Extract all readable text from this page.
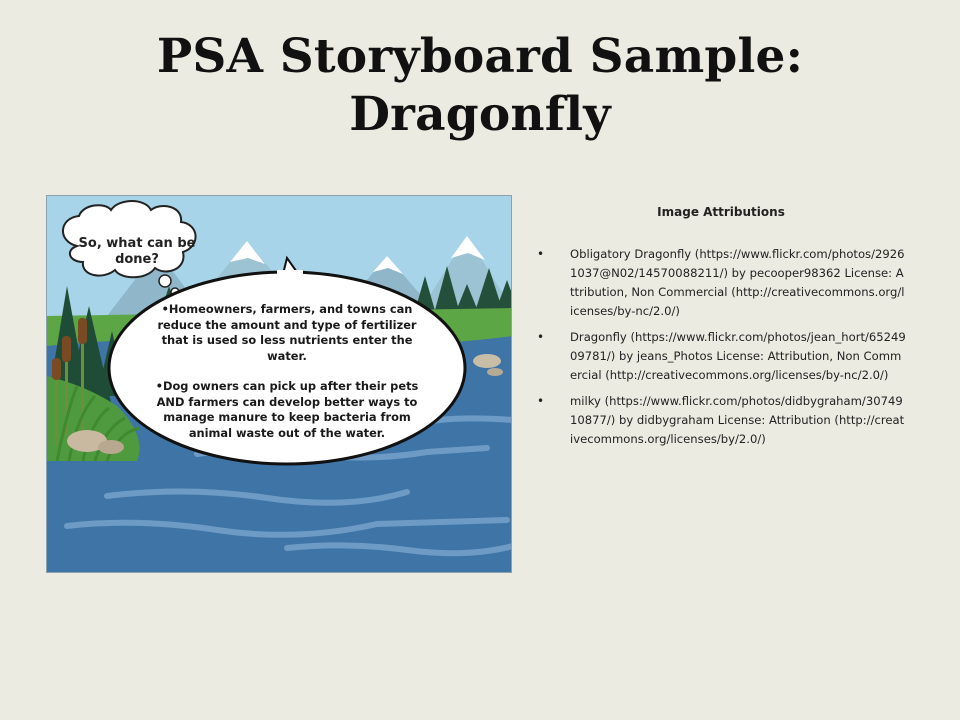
PSA Storyboard Sample:
Dragonfly
So, what can be done?

•Homeowners, farmers, and towns can reduce the amount and type of fertilizer that is used so less nutrients enter the water.

•Dog owners can pick up after their pets AND farmers can develop better ways to manage manure to keep bacteria from animal waste out of the water.

Image Attributions
• Obligatory Dragonfly (https://www.flickr.com/photos/29261037@N02/14570088211/) by pecooper98362 License: Attribution, Non Commercial (http://creativecommons.org/licenses/by-nc/2.0/)
• Dragonfly (https://www.flickr.com/photos/jean_hort/6524909781/) by jeans_Photos License: Attribution, Non Commercial (http://creativecommons.org/licenses/by-nc/2.0/)
• milky (https://www.flickr.com/photos/didbygraham/3074910877/) by didbygraham License: Attribution (http://creativecommons.org/licenses/by/2.0/)
